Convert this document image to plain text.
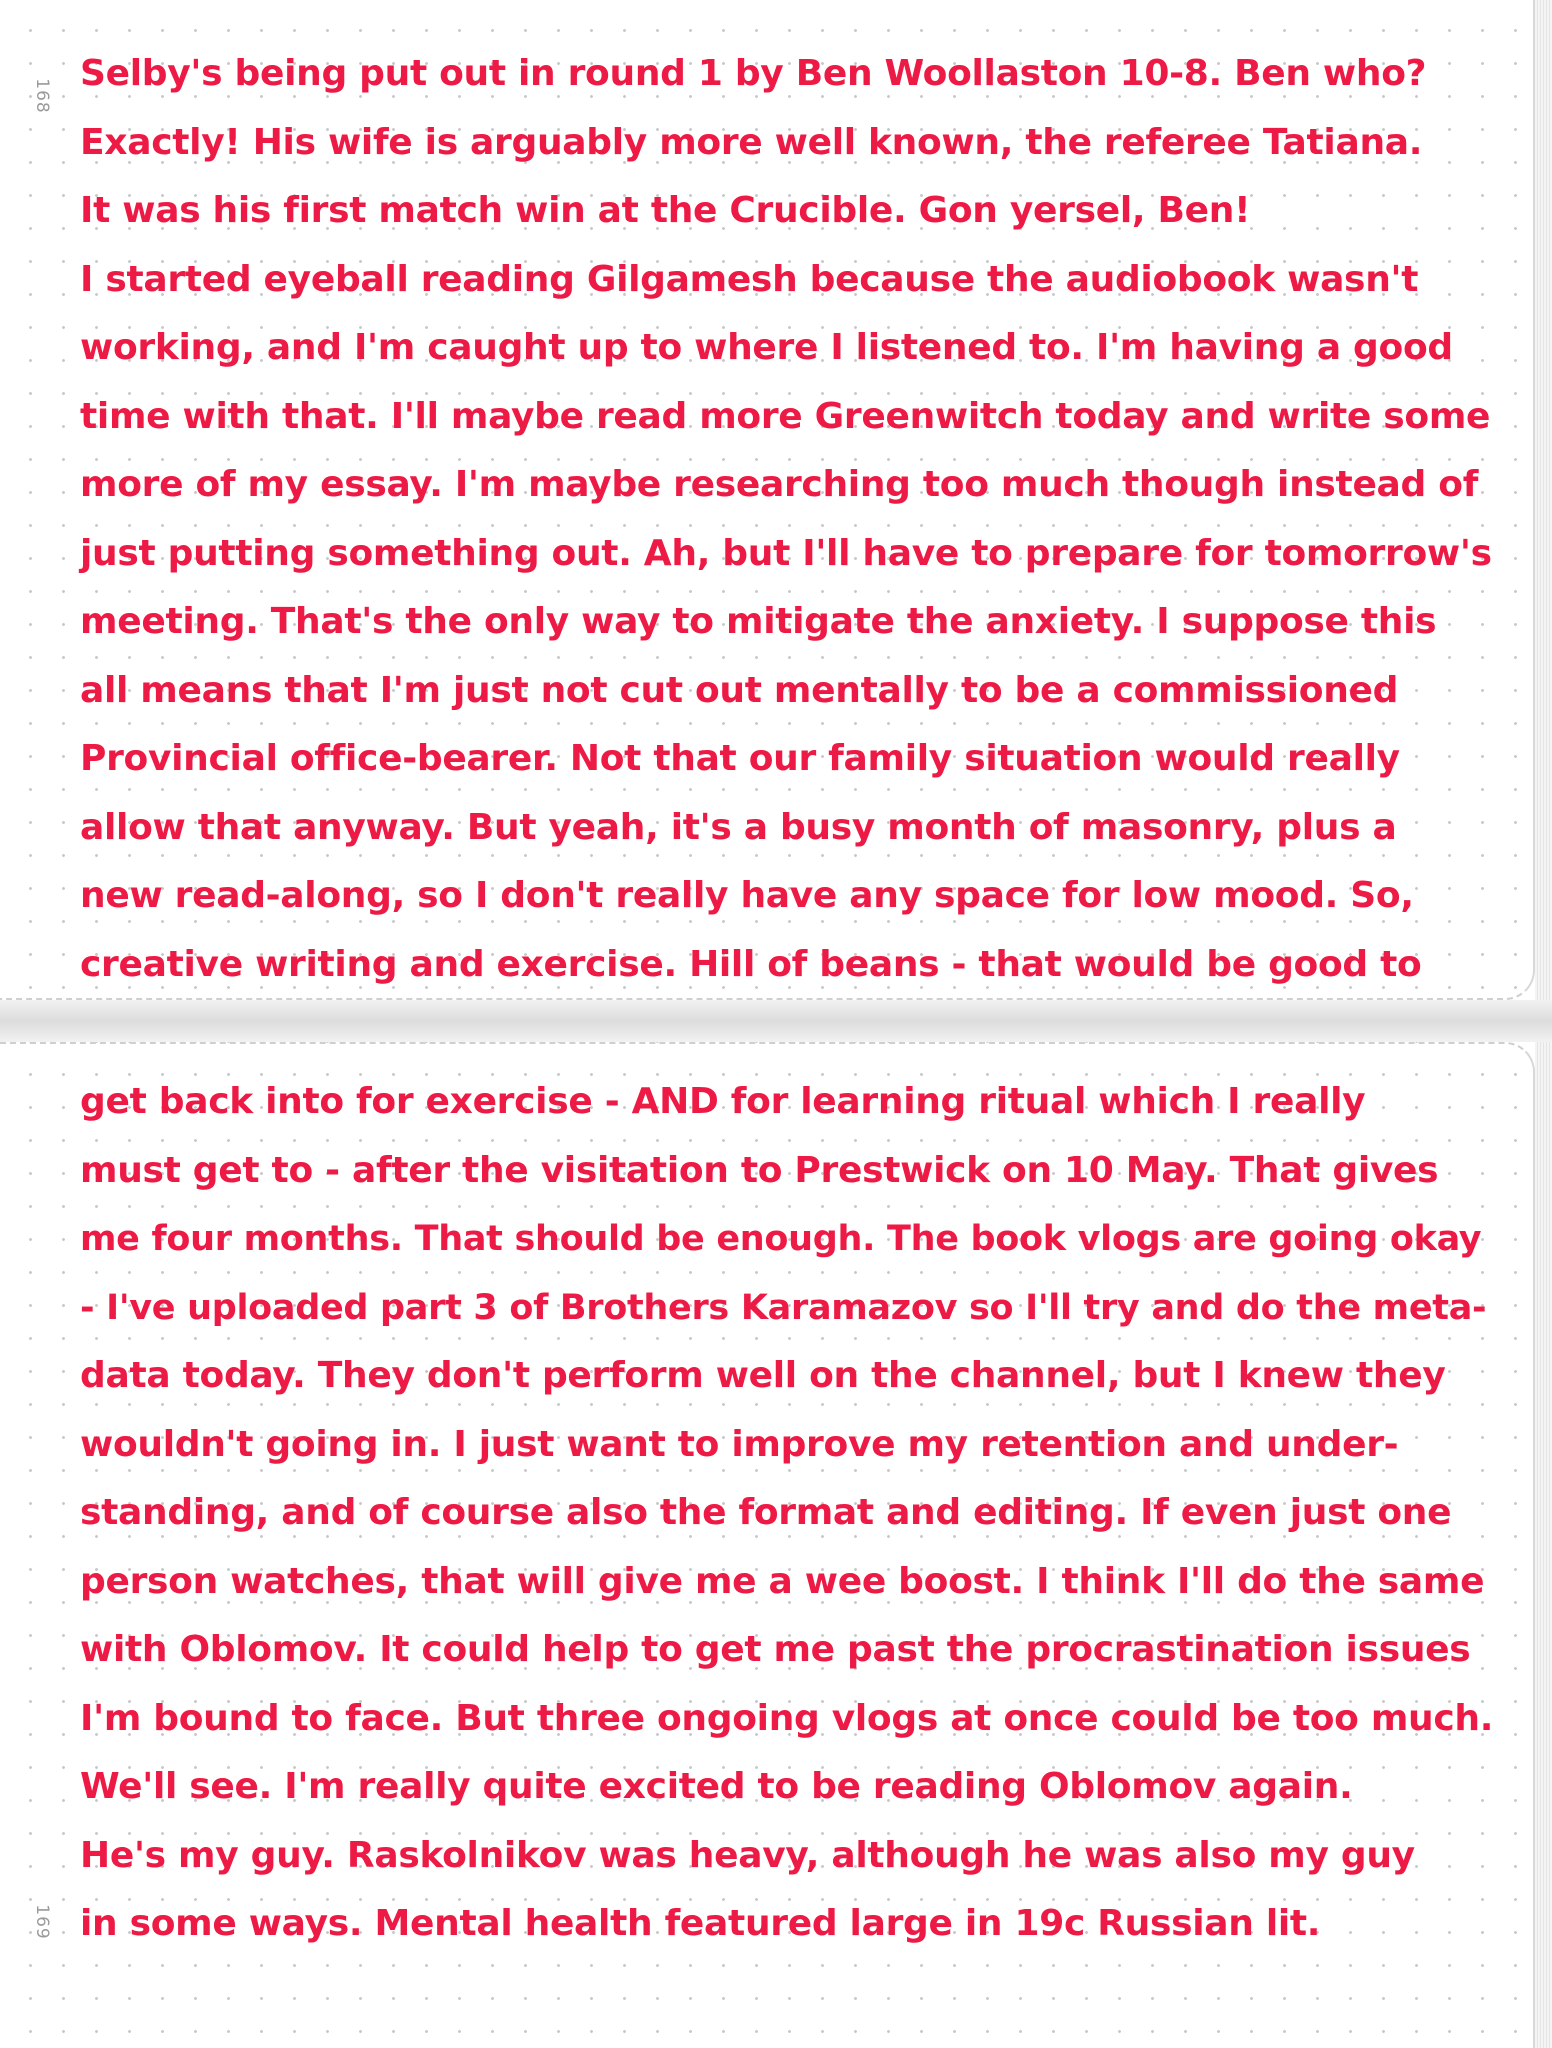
168
Selby's being put out in round 1 by Ben Woollaston 10-8. Ben who?
Exactly! His wife is arguably more well known, the referee Tatiana.
It was his first match win at the Crucible. Gon yersel, Ben!
I started eyeball reading Gilgamesh because the audiobook wasn't
working, and I'm caught up to where I listened to. I'm having a good
time with that. I'll maybe read more Greenwitch today and write some
more of my essay. I'm maybe researching too much though instead of
just putting something out. Ah, but I'll have to prepare for tomorrow's
meeting. That's the only way to mitigate the anxiety. I suppose this
all means that I'm just not cut out mentally to be a commissioned
Provincial office-bearer. Not that our family situation would really
allow that anyway. But yeah, it's a busy month of masonry, plus a
new read-along, so I don't really have any space for low mood. So,
creative writing and exercise. Hill of beans - that would be good to
get back into for exercise - AND for learning ritual which I really
must get to - after the visitation to Prestwick on 10 May. That gives
me four months. That should be enough. The book vlogs are going okay
- I've uploaded part 3 of Brothers Karamazov so I'll try and do the meta-
data today. They don't perform well on the channel, but I knew they
wouldn't going in. I just want to improve my retention and under-
standing, and of course also the format and editing. If even just one
person watches, that will give me a wee boost. I think I'll do the same
with Oblomov. It could help to get me past the procrastination issues
I'm bound to face. But three ongoing vlogs at once could be too much.
We'll see. I'm really quite excited to be reading Oblomov again.
He's my guy. Raskolnikov was heavy, although he was also my guy
in some ways. Mental health featured large in 19c Russian lit.
169
